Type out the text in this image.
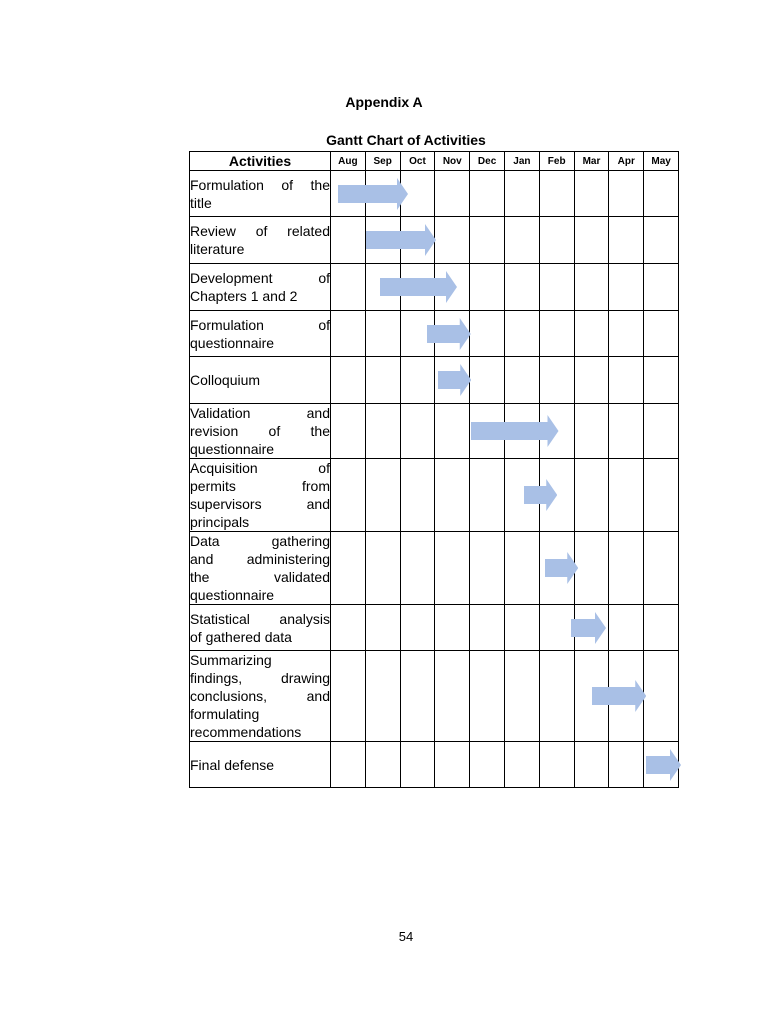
Appendix A
Gantt Chart of Activities
Activities	Aug	Sep	Oct	Nov	Dec	Jan	Feb	Mar	Apr	May

Formulation of the
title

Review of related
literature

Development of
Chapters 1 and 2

Formulation of
questionnaire

Colloquium

Validation and
revision of the
questionnaire

Acquisition of
permits from
supervisors and
principals

Data gathering
and administering
the validated
questionnaire

Statistical analysis
of gathered data

Summarizing
findings, drawing
conclusions, and
formulating
recommendations

Final defense

54
